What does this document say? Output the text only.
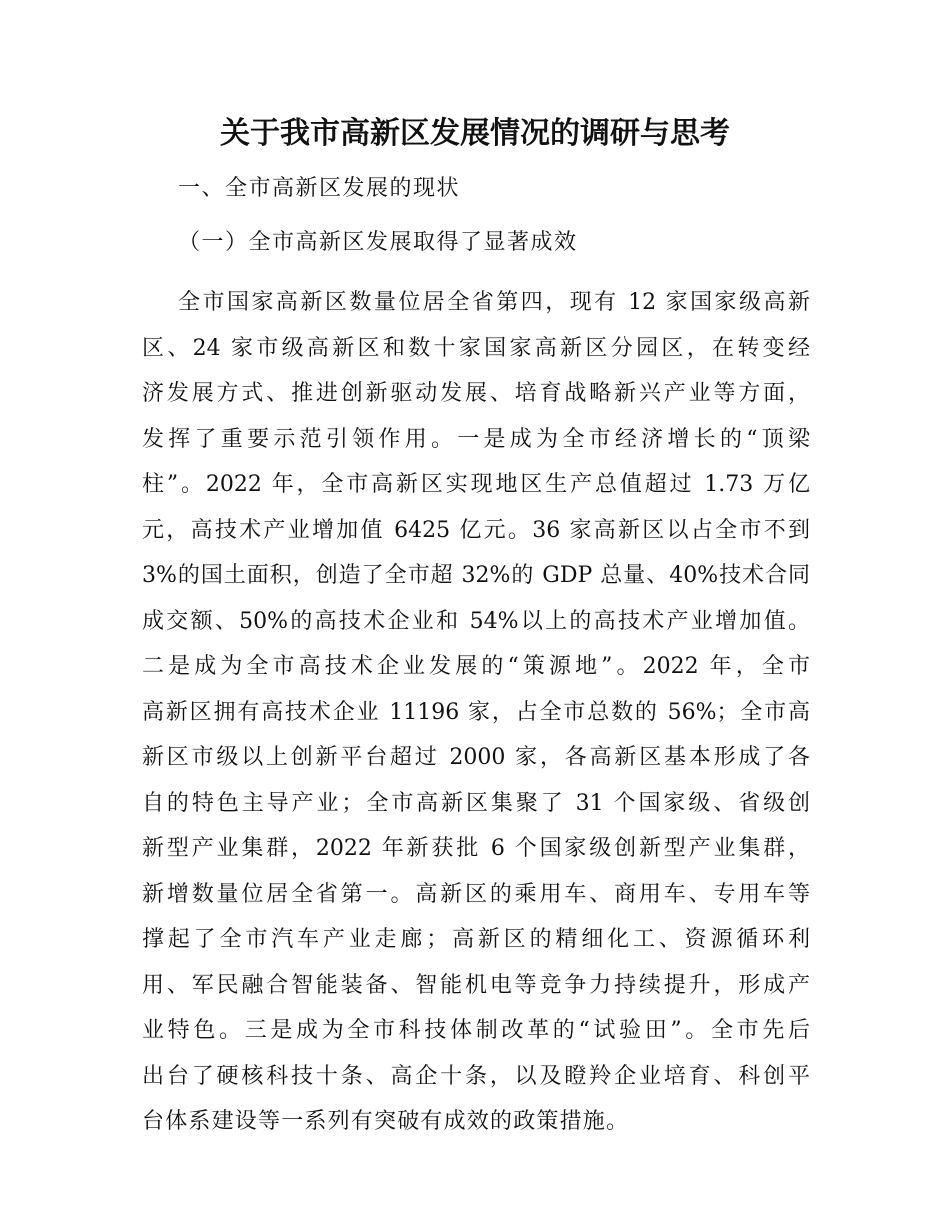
关于我市高新区发展情况的调研与思考

一、全市高新区发展的现状

（一）全市高新区发展取得了显著成效

全市国家高新区数量位居全省第四，现有 12 家国家级高新
区、24 家市级高新区和数十家国家高新区分园区，在转变经
济发展方式、推进创新驱动发展、培育战略新兴产业等方面，
发挥了重要示范引领作用。一是成为全市经济增长的“顶梁
柱”。2022 年，全市高新区实现地区生产总值超过 1.73 万亿
元，高技术产业增加值 6425 亿元。36 家高新区以占全市不到
3%的国土面积，创造了全市超 32%的 GDP 总量、40%技术合同
成交额、50%的高技术企业和 54%以上的高技术产业增加值。
二是成为全市高技术企业发展的“策源地”。2022 年，全市
高新区拥有高技术企业 11196 家，占全市总数的 56%；全市高
新区市级以上创新平台超过 2000 家，各高新区基本形成了各
自的特色主导产业；全市高新区集聚了 31 个国家级、省级创
新型产业集群，2022 年新获批 6 个国家级创新型产业集群，
新增数量位居全省第一。高新区的乘用车、商用车、专用车等
撑起了全市汽车产业走廊；高新区的精细化工、资源循环利
用、军民融合智能装备、智能机电等竞争力持续提升，形成产
业特色。三是成为全市科技体制改革的“试验田”。全市先后
出台了硬核科技十条、高企十条，以及瞪羚企业培育、科创平
台体系建设等一系列有突破有成效的政策措施。
